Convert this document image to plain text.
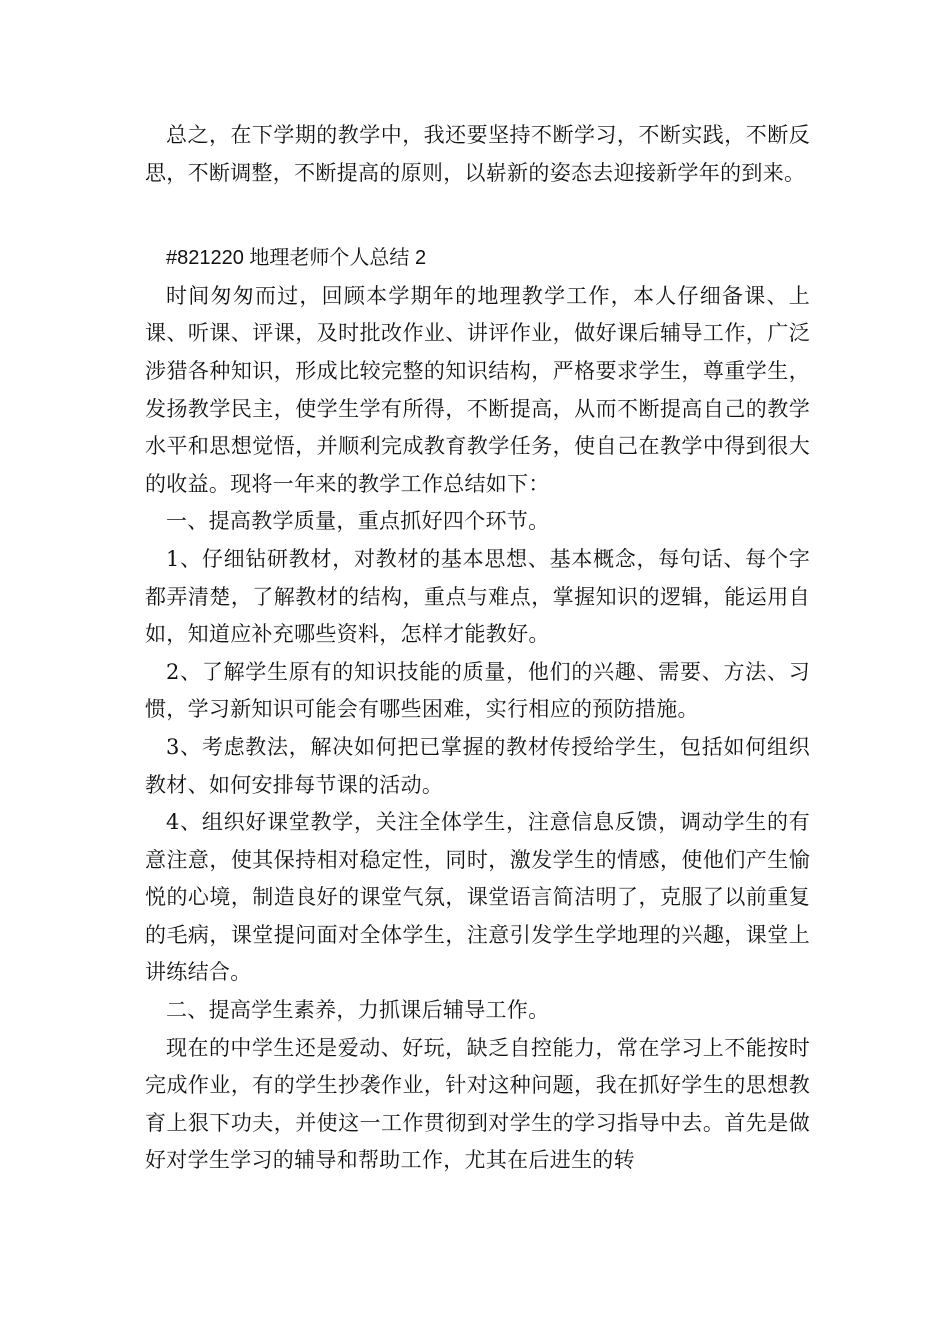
总之，在下学期的教学中，我还要坚持不断学习，不断实践，不断反思，不断调整，不断提高的原则，以崭新的姿态去迎接新学年的到来。

#821220 地理老师个人总结 2

时间匆匆而过，回顾本学期年的地理教学工作，本人仔细备课、上课、听课、评课，及时批改作业、讲评作业，做好课后辅导工作，广泛涉猎各种知识，形成比较完整的知识结构，严格要求学生，尊重学生，发扬教学民主，使学生学有所得，不断提高，从而不断提高自己的教学水平和思想觉悟，并顺利完成教育教学任务，使自己在教学中得到很大的收益。现将一年来的教学工作总结如下：

一、提高教学质量，重点抓好四个环节。

1、仔细钻研教材，对教材的基本思想、基本概念，每句话、每个字都弄清楚，了解教材的结构，重点与难点，掌握知识的逻辑，能运用自如，知道应补充哪些资料，怎样才能教好。

2、了解学生原有的知识技能的质量，他们的兴趣、需要、方法、习惯，学习新知识可能会有哪些困难，实行相应的预防措施。

3、考虑教法，解决如何把已掌握的教材传授给学生，包括如何组织教材、如何安排每节课的活动。

4、组织好课堂教学，关注全体学生，注意信息反馈，调动学生的有意注意，使其保持相对稳定性，同时，激发学生的情感，使他们产生愉悦的心境，制造良好的课堂气氛，课堂语言简洁明了，克服了以前重复的毛病，课堂提问面对全体学生，注意引发学生学地理的兴趣，课堂上讲练结合。

二、提高学生素养，力抓课后辅导工作。

现在的中学生还是爱动、好玩，缺乏自控能力，常在学习上不能按时完成作业，有的学生抄袭作业，针对这种问题，我在抓好学生的思想教育上狠下功夫，并使这一工作贯彻到对学生的学习指导中去。首先是做好对学生学习的辅导和帮助工作，尤其在后进生的转
